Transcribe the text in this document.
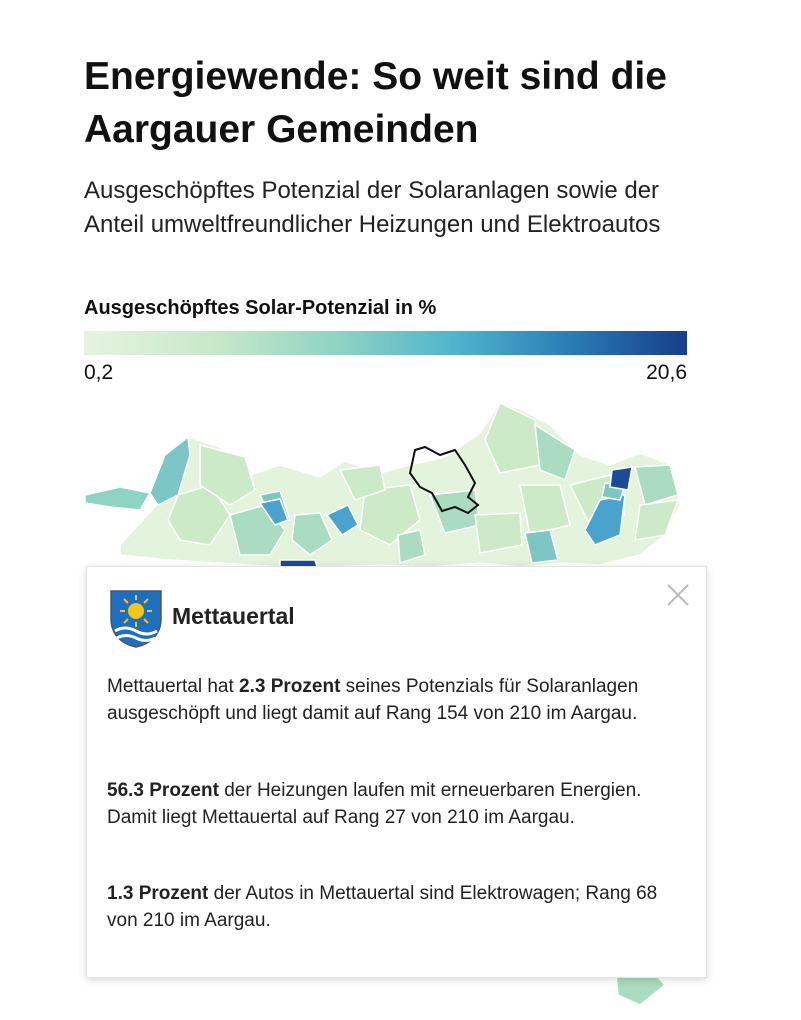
Energiewende: So weit sind die Aargauer Gemeinden

Ausgeschöpftes Potenzial der Solaranlagen sowie der Anteil umweltfreundlicher Heizungen und Elektroautos

Ausgeschöpftes Solar-Potenzial in %
0,2	20,6
Mettauertal

Mettauertal hat 2.3 Prozent seines Potenzials für Solaranlagen ausgeschöpft und liegt damit auf Rang 154 von 210 im Aargau.

56.3 Prozent der Heizungen laufen mit erneuerbaren Energien. Damit liegt Mettauertal auf Rang 27 von 210 im Aargau.

1.3 Prozent der Autos in Mettauertal sind Elektrowagen; Rang 68 von 210 im Aargau.
